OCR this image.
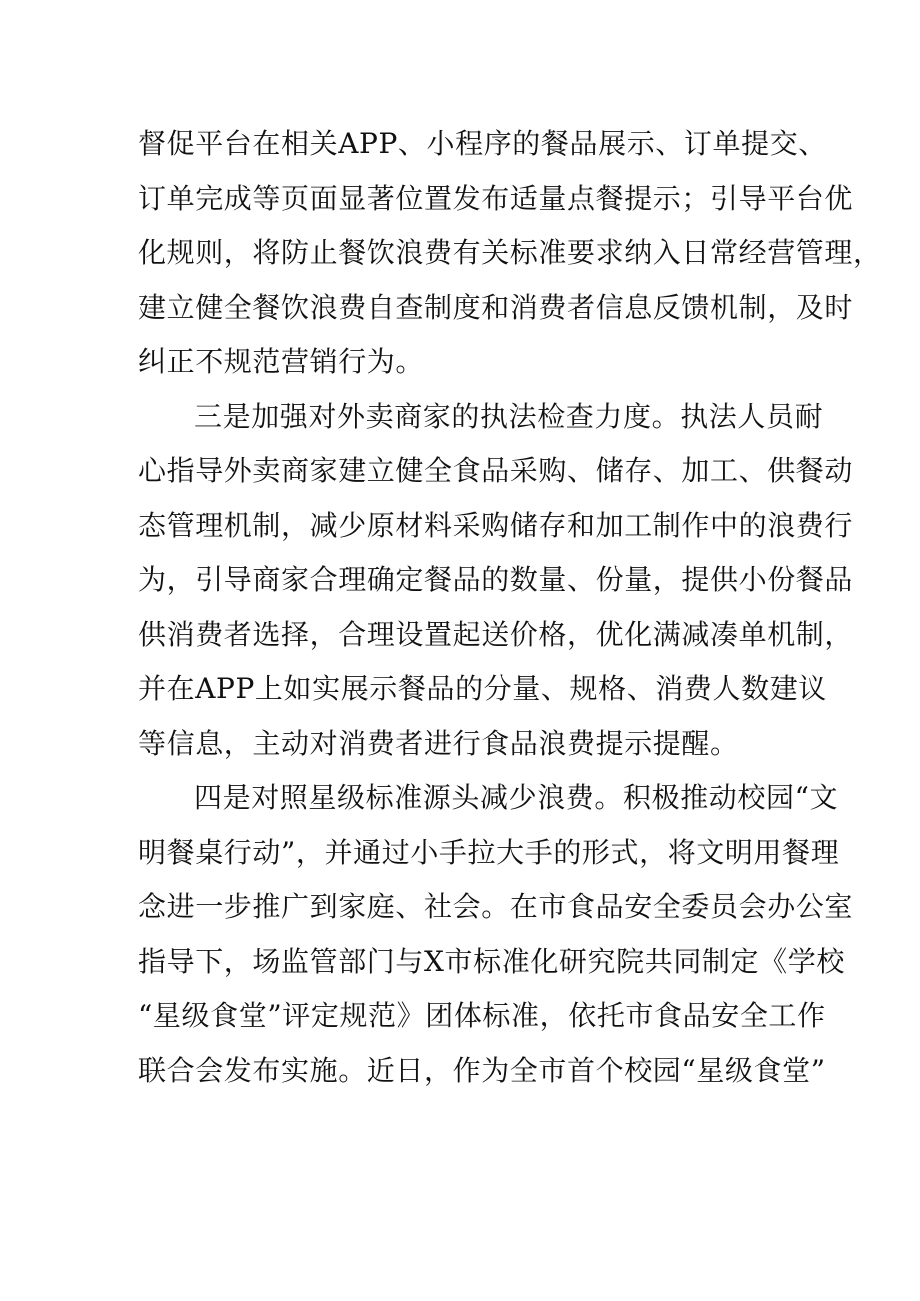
督促平台在相关APP、小程序的餐品展示、订单提交、
订单完成等页面显著位置发布适量点餐提示；引导平台优
化规则，将防止餐饮浪费有关标准要求纳入日常经营管理，
建立健全餐饮浪费自查制度和消费者信息反馈机制，及时
纠正不规范营销行为。
三是加强对外卖商家的执法检查力度。执法人员耐
心指导外卖商家建立健全食品采购、储存、加工、供餐动
态管理机制，减少原材料采购储存和加工制作中的浪费行
为，引导商家合理确定餐品的数量、份量，提供小份餐品
供消费者选择，合理设置起送价格，优化满减凑单机制，
并在APP上如实展示餐品的分量、规格、消费人数建议
等信息，主动对消费者进行食品浪费提示提醒。
四是对照星级标准源头减少浪费。积极推动校园“文
明餐桌行动”，并通过小手拉大手的形式，将文明用餐理
念进一步推广到家庭、社会。在市食品安全委员会办公室
指导下，场监管部门与X市标准化研究院共同制定《学校
“星级食堂”评定规范》团体标准，依托市食品安全工作
联合会发布实施。近日，作为全市首个校园“星级食堂”
